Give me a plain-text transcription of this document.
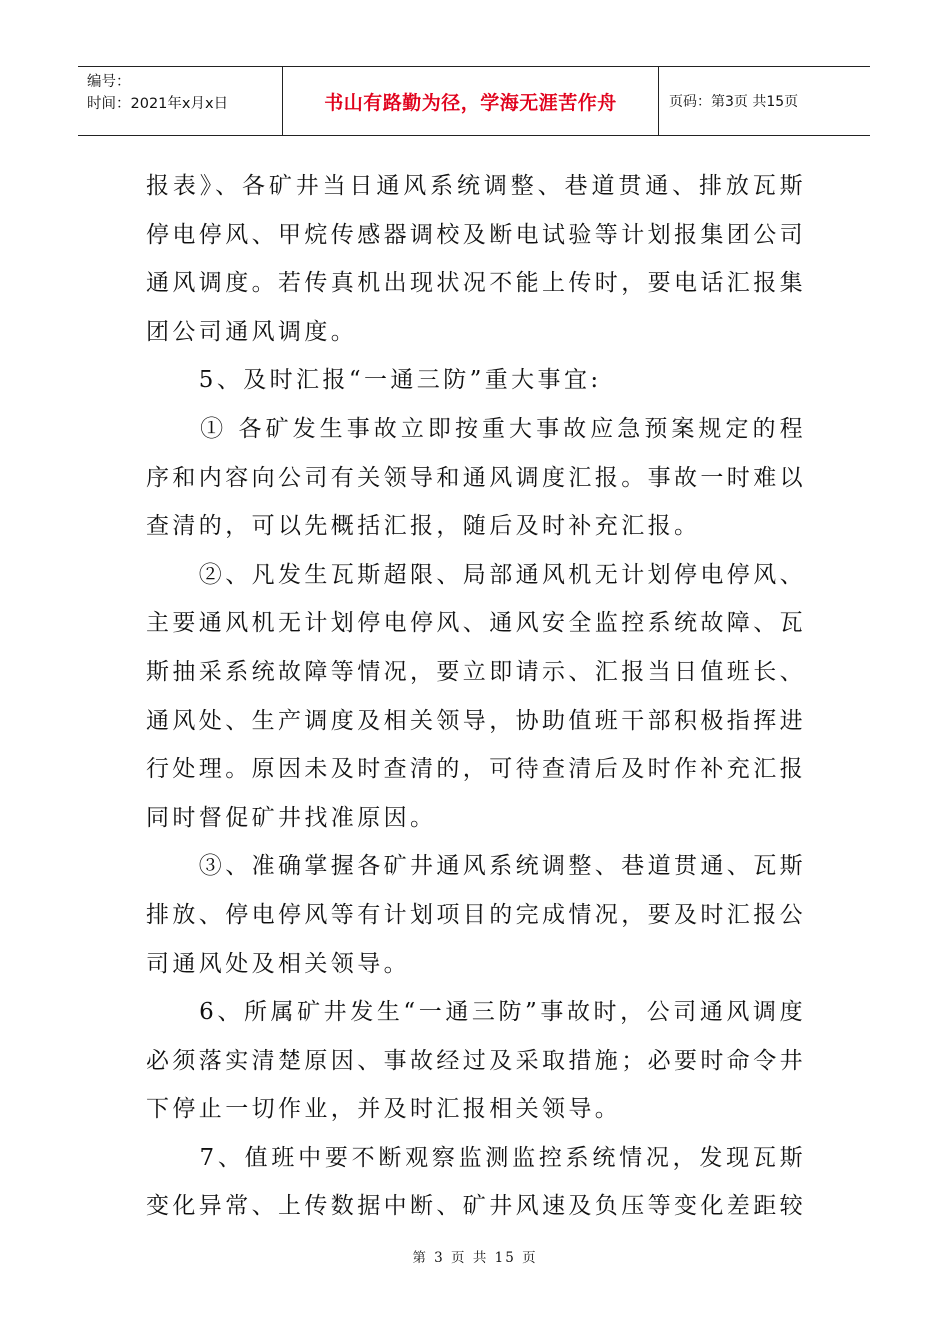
编号：
时间：2021年x月x日	书山有路勤为径，学海无涯苦作舟	页码：第3页 共15页

报表》、各矿井当日通风系统调整、巷道贯通、排放瓦斯停电停风、甲烷传感器调校及断电试验等计划报集团公司通风调度。若传真机出现状况不能上传时，要电话汇报集团公司通风调度。

　　5、及时汇报“一通三防”重大事宜:

　　① 各矿发生事故立即按重大事故应急预案规定的程序和内容向公司有关领导和通风调度汇报。事故一时难以查清的，可以先概括汇报，随后及时补充汇报。

　　②、凡发生瓦斯超限、局部通风机无计划停电停风、主要通风机无计划停电停风、通风安全监控系统故障、瓦斯抽采系统故障等情况，要立即请示、汇报当日值班长、通风处、生产调度及相关领导，协助值班干部积极指挥进行处理。原因未及时查清的，可待查清后及时作补充汇报同时督促矿井找准原因。

　　③、准确掌握各矿井通风系统调整、巷道贯通、瓦斯排放、停电停风等有计划项目的完成情况，要及时汇报公司通风处及相关领导。

　　6、所属矿井发生“一通三防”事故时，公司通风调度必须落实清楚原因、事故经过及采取措施；必要时命令井下停止一切作业，并及时汇报相关领导。

　　7、值班中要不断观察监测监控系统情况，发现瓦斯变化异常、上传数据中断、矿井风速及负压等变化差距较

第 3 页 共 15 页
